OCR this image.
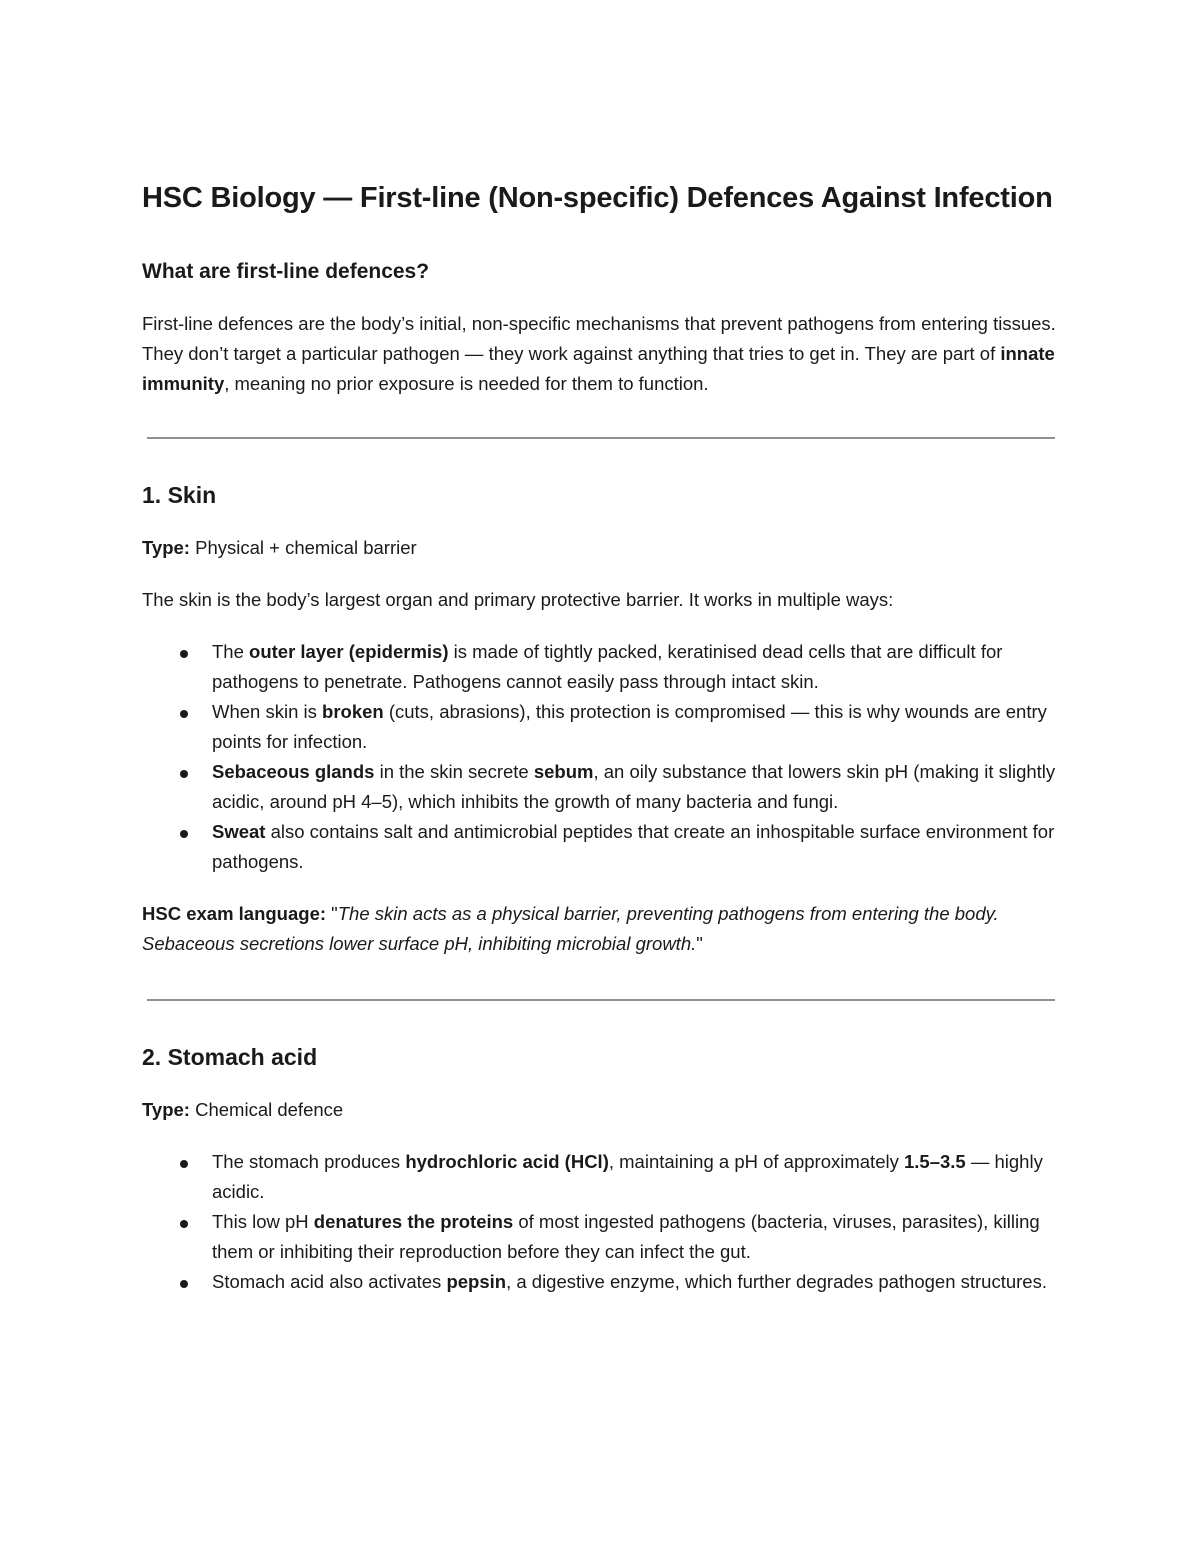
HSC Biology — First-line (Non-specific) Defences Against Infection
What are first-line defences?

First-line defences are the body’s initial, non-specific mechanisms that prevent pathogens from entering tissues. They don’t target a particular pathogen — they work against anything that tries to get in. They are part of innate immunity, meaning no prior exposure is needed for them to function.

1. Skin

Type: Physical + chemical barrier

The skin is the body’s largest organ and primary protective barrier. It works in multiple ways:

The outer layer (epidermis) is made of tightly packed, keratinised dead cells that are difficult for pathogens to penetrate. Pathogens cannot easily pass through intact skin.
When skin is broken (cuts, abrasions), this protection is compromised — this is why wounds are entry points for infection.
Sebaceous glands in the skin secrete sebum, an oily substance that lowers skin pH (making it slightly acidic, around pH 4–5), which inhibits the growth of many bacteria and fungi.
Sweat also contains salt and antimicrobial peptides that create an inhospitable surface environment for pathogens.

HSC exam language: "The skin acts as a physical barrier, preventing pathogens from entering the body. Sebaceous secretions lower surface pH, inhibiting microbial growth."

2. Stomach acid

Type: Chemical defence

The stomach produces hydrochloric acid (HCl), maintaining a pH of approximately 1.5–3.5 — highly acidic.
This low pH denatures the proteins of most ingested pathogens (bacteria, viruses, parasites), killing them or inhibiting their reproduction before they can infect the gut.
Stomach acid also activates pepsin, a digestive enzyme, which further degrades pathogen structures.
